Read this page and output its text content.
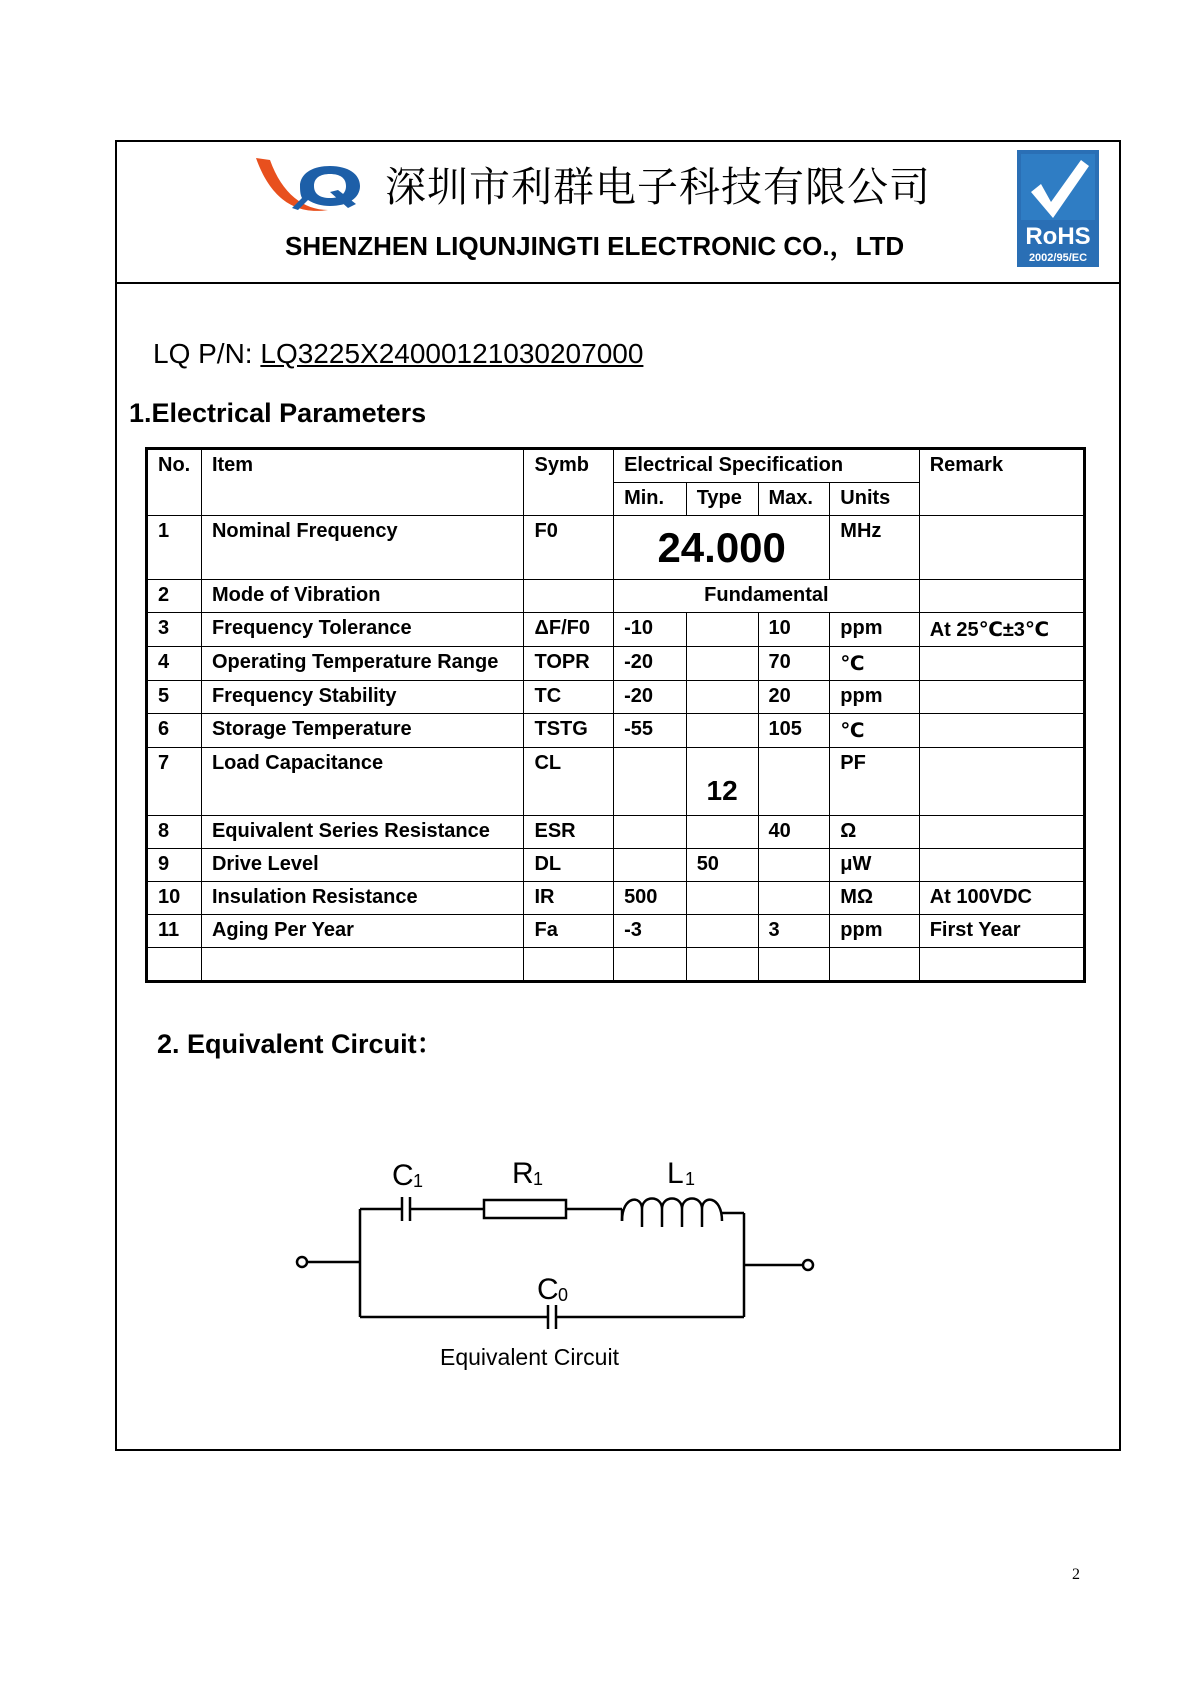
深圳市利群电子科技有限公司
SHENZHEN LIQUNJINGTI ELECTRONIC CO.，LTD	RoHS
2002/95/EC
LQ P/N: LQ3225X24000121030207000
1.Electrical Parameters
No.	Item	Symb	Electrical Specification				Remark
			Min.	Type	Max.	Units	
1	Nominal Frequency	F0	24.000			MHz	
2	Mode of Vibration		Fundamental				
3	Frequency Tolerance	ΔF/F0	-10		10	ppm	At 25℃±3℃
4	Operating Temperature Range	TOPR	-20		70	℃	
5	Frequency Stability	TC	-20		20	ppm	
6	Storage Temperature	TSTG	-55		105	℃	
7	Load Capacitance	CL		12		PF	
8	Equivalent Series Resistance	ESR			40	Ω	
9	Drive Level	DL		50		μW	
10	Insulation Resistance	IR	500			MΩ	At 100VDC
11	Aging Per Year	Fa	-3		3	ppm	First Year

2. Equivalent Circuit：
C 1	R 1	L 1
C 0
Equivalent Circuit
2
